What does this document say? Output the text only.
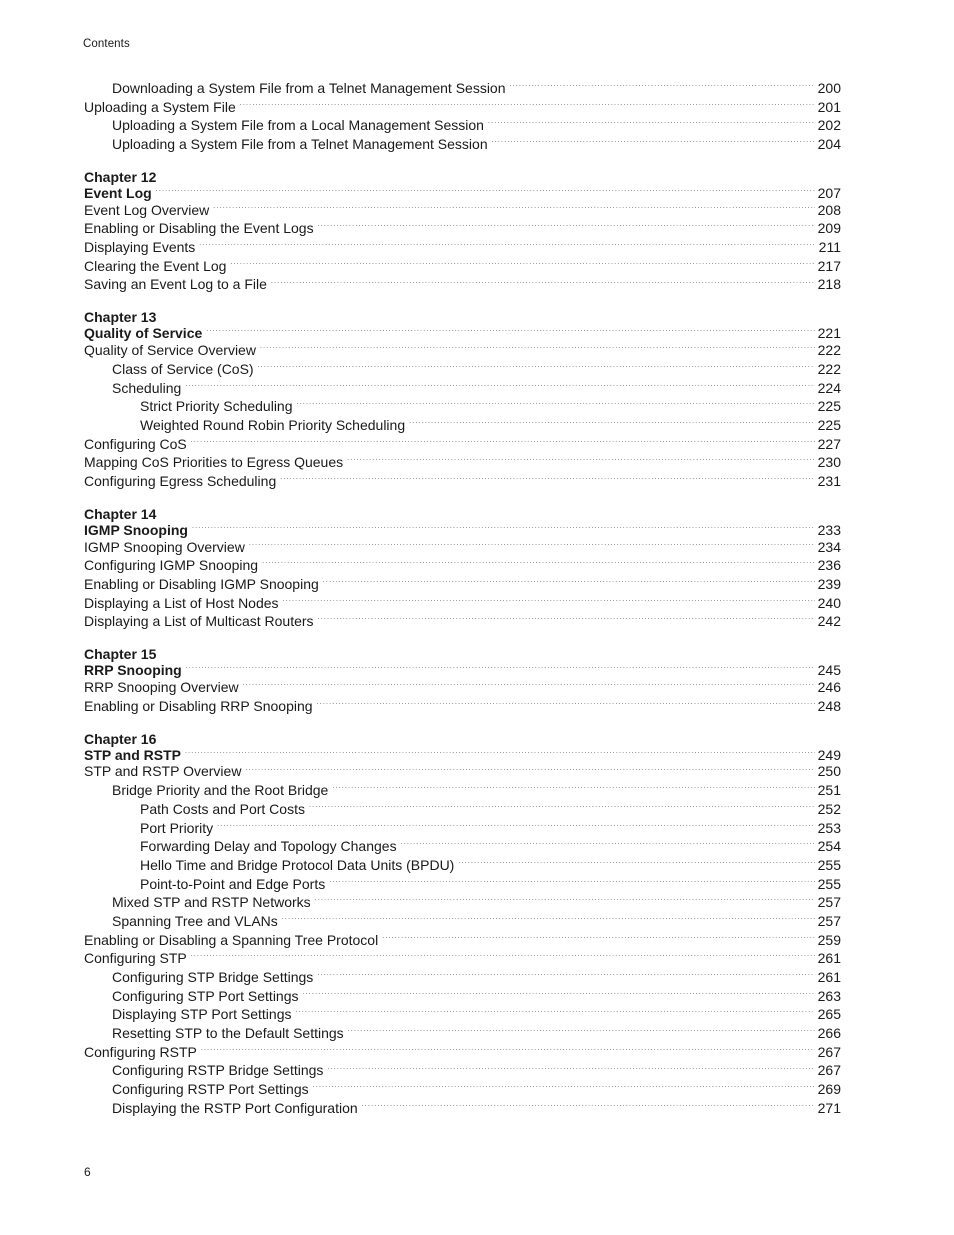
Contents
Downloading a System File from a Telnet Management Session .....	200
Uploading a System File .....	201
Uploading a System File from a Local Management Session .....	202
Uploading a System File from a Telnet Management Session .....	204
Chapter 12
Event Log .....	207
Event Log Overview .....	208
Enabling or Disabling the Event Logs .....	209
Displaying Events .....	211
Clearing the Event Log .....	217
Saving an Event Log to a File .....	218
Chapter 13
Quality of Service .....	221
Quality of Service Overview .....	222
Class of Service (CoS) .....	222
Scheduling .....	224
Strict Priority Scheduling .....	225
Weighted Round Robin Priority Scheduling .....	225
Configuring CoS .....	227
Mapping CoS Priorities to Egress Queues .....	230
Configuring Egress Scheduling .....	231
Chapter 14
IGMP Snooping .....	233
IGMP Snooping Overview .....	234
Configuring IGMP Snooping .....	236
Enabling or Disabling IGMP Snooping .....	239
Displaying a List of Host Nodes .....	240
Displaying a List of Multicast Routers .....	242
Chapter 15
RRP Snooping .....	245
RRP Snooping Overview .....	246
Enabling or Disabling RRP Snooping .....	248
Chapter 16
STP and RSTP .....	249
STP and RSTP Overview .....	250
Bridge Priority and the Root Bridge .....	251
Path Costs and Port Costs .....	252
Port Priority .....	253
Forwarding Delay and Topology Changes .....	254
Hello Time and Bridge Protocol Data Units (BPDU) .....	255
Point-to-Point and Edge Ports .....	255
Mixed STP and RSTP Networks .....	257
Spanning Tree and VLANs .....	257
Enabling or Disabling a Spanning Tree Protocol .....	259
Configuring STP .....	261
Configuring STP Bridge Settings .....	261
Configuring STP Port Settings .....	263
Displaying STP Port Settings .....	265
Resetting STP to the Default Settings .....	266
Configuring RSTP .....	267
Configuring RSTP Bridge Settings .....	267
Configuring RSTP Port Settings .....	269
Displaying the RSTP Port Configuration .....	271
6
